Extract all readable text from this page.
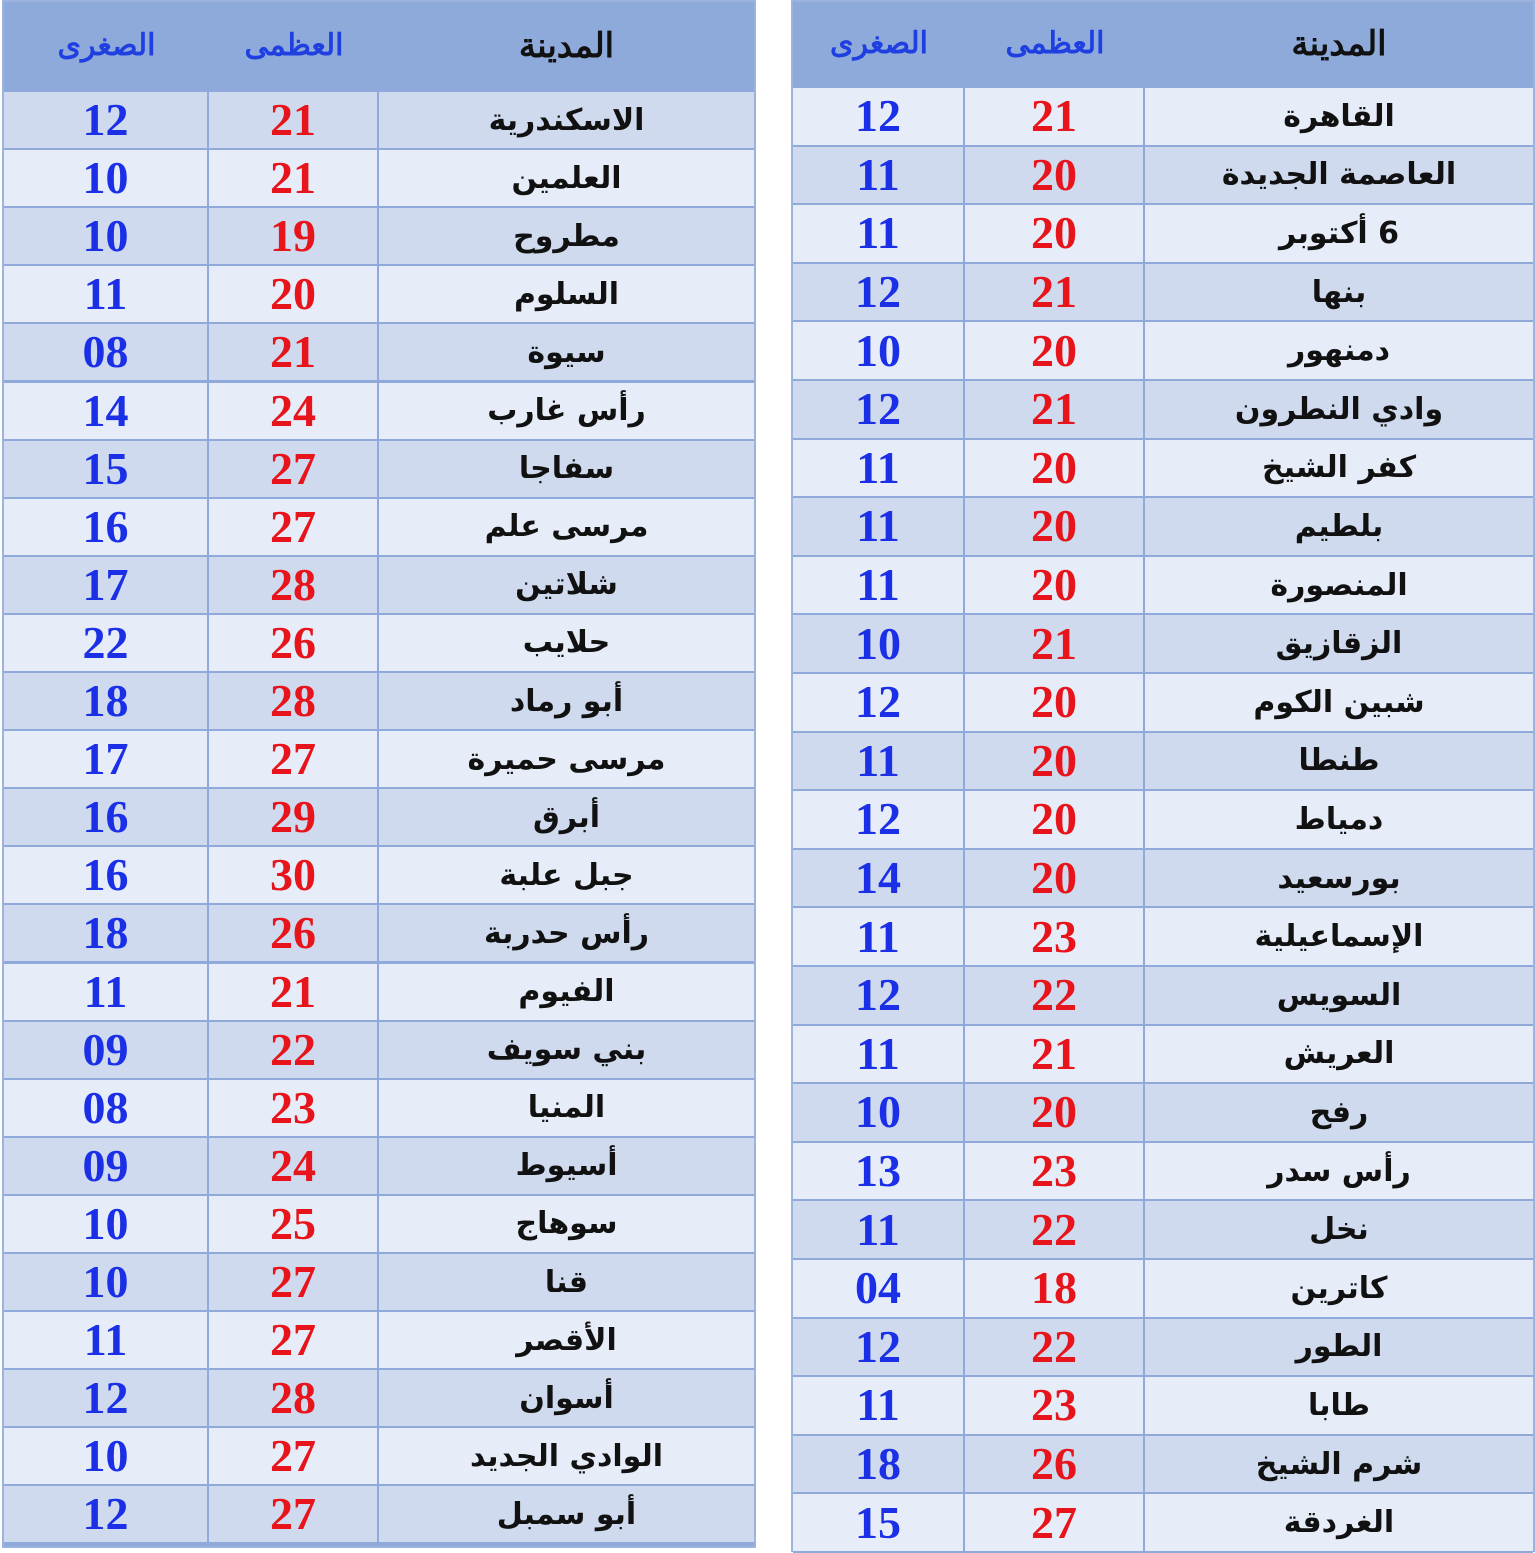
الصغرى	العظمى	المدينة
12	21	الاسكندرية
10	21	العلمين
10	19	مطروح
11	20	السلوم
08	21	سيوة
14	24	رأس غارب
15	27	سفاجا
16	27	مرسى علم
17	28	شلاتين
22	26	حلايب
18	28	أبو رماد
17	27	مرسى حميرة
16	29	أبرق
16	30	جبل علبة
18	26	رأس حدربة
11	21	الفيوم
09	22	بني سويف
08	23	المنيا
09	24	أسيوط
10	25	سوهاج
10	27	قنا
11	27	الأقصر
12	28	أسوان
10	27	الوادي الجديد
12	27	أبو سمبل
الصغرى	العظمى	المدينة
12	21	القاهرة
11	20	العاصمة الجديدة
11	20	6 أكتوبر
12	21	بنها
10	20	دمنهور
12	21	وادي النطرون
11	20	كفر الشيخ
11	20	بلطيم
11	20	المنصورة
10	21	الزقازيق
12	20	شبين الكوم
11	20	طنطا
12	20	دمياط
14	20	بورسعيد
11	23	الإسماعيلية
12	22	السويس
11	21	العريش
10	20	رفح
13	23	رأس سدر
11	22	نخل
04	18	كاترين
12	22	الطور
11	23	طابا
18	26	شرم الشيخ
15	27	الغردقة
